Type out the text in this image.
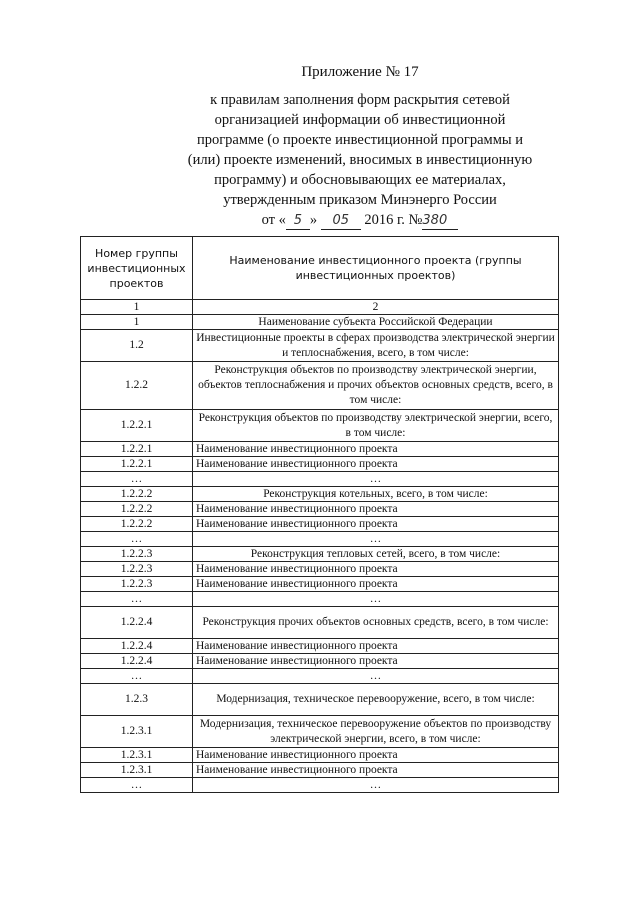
Приложение № 17
к правилам заполнения форм раскрытия сетевой
организацией информации об инвестиционной
программе (о проекте инвестиционной программы и
(или) проекте изменений, вносимых в инвестиционную
программу) и обосновывающих ее материалах,
утвержденным приказом Минэнерго России
от « 5 » 05 2016 г. №380
Номер группы инвестиционных проектов	Наименование инвестиционного проекта (группы инвестиционных проектов)
1	2
1	Наименование субъекта Российской Федерации
1.2	Инвестиционные проекты в сферах производства электрической энергии и теплоснабжения, всего, в том числе:
1.2.2	Реконструкция объектов по производству электрической энергии, объектов теплоснабжения и прочих объектов основных средств, всего, в том числе:
1.2.2.1	Реконструкция объектов по производству электрической энергии, всего, в том числе:
1.2.2.1	Наименование инвестиционного проекта
1.2.2.1	Наименование инвестиционного проекта
…	…
1.2.2.2	Реконструкция котельных, всего, в том числе:
1.2.2.2	Наименование инвестиционного проекта
1.2.2.2	Наименование инвестиционного проекта
…	…
1.2.2.3	Реконструкция тепловых сетей, всего, в том числе:
1.2.2.3	Наименование инвестиционного проекта
1.2.2.3	Наименование инвестиционного проекта
…	…
1.2.2.4	Реконструкция прочих объектов основных средств, всего, в том числе:
1.2.2.4	Наименование инвестиционного проекта
1.2.2.4	Наименование инвестиционного проекта
…	…
1.2.3	Модернизация, техническое перевооружение, всего, в том числе:
1.2.3.1	Модернизация, техническое перевооружение объектов по производству электрической энергии, всего, в том числе:
1.2.3.1	Наименование инвестиционного проекта
1.2.3.1	Наименование инвестиционного проекта
…	…
